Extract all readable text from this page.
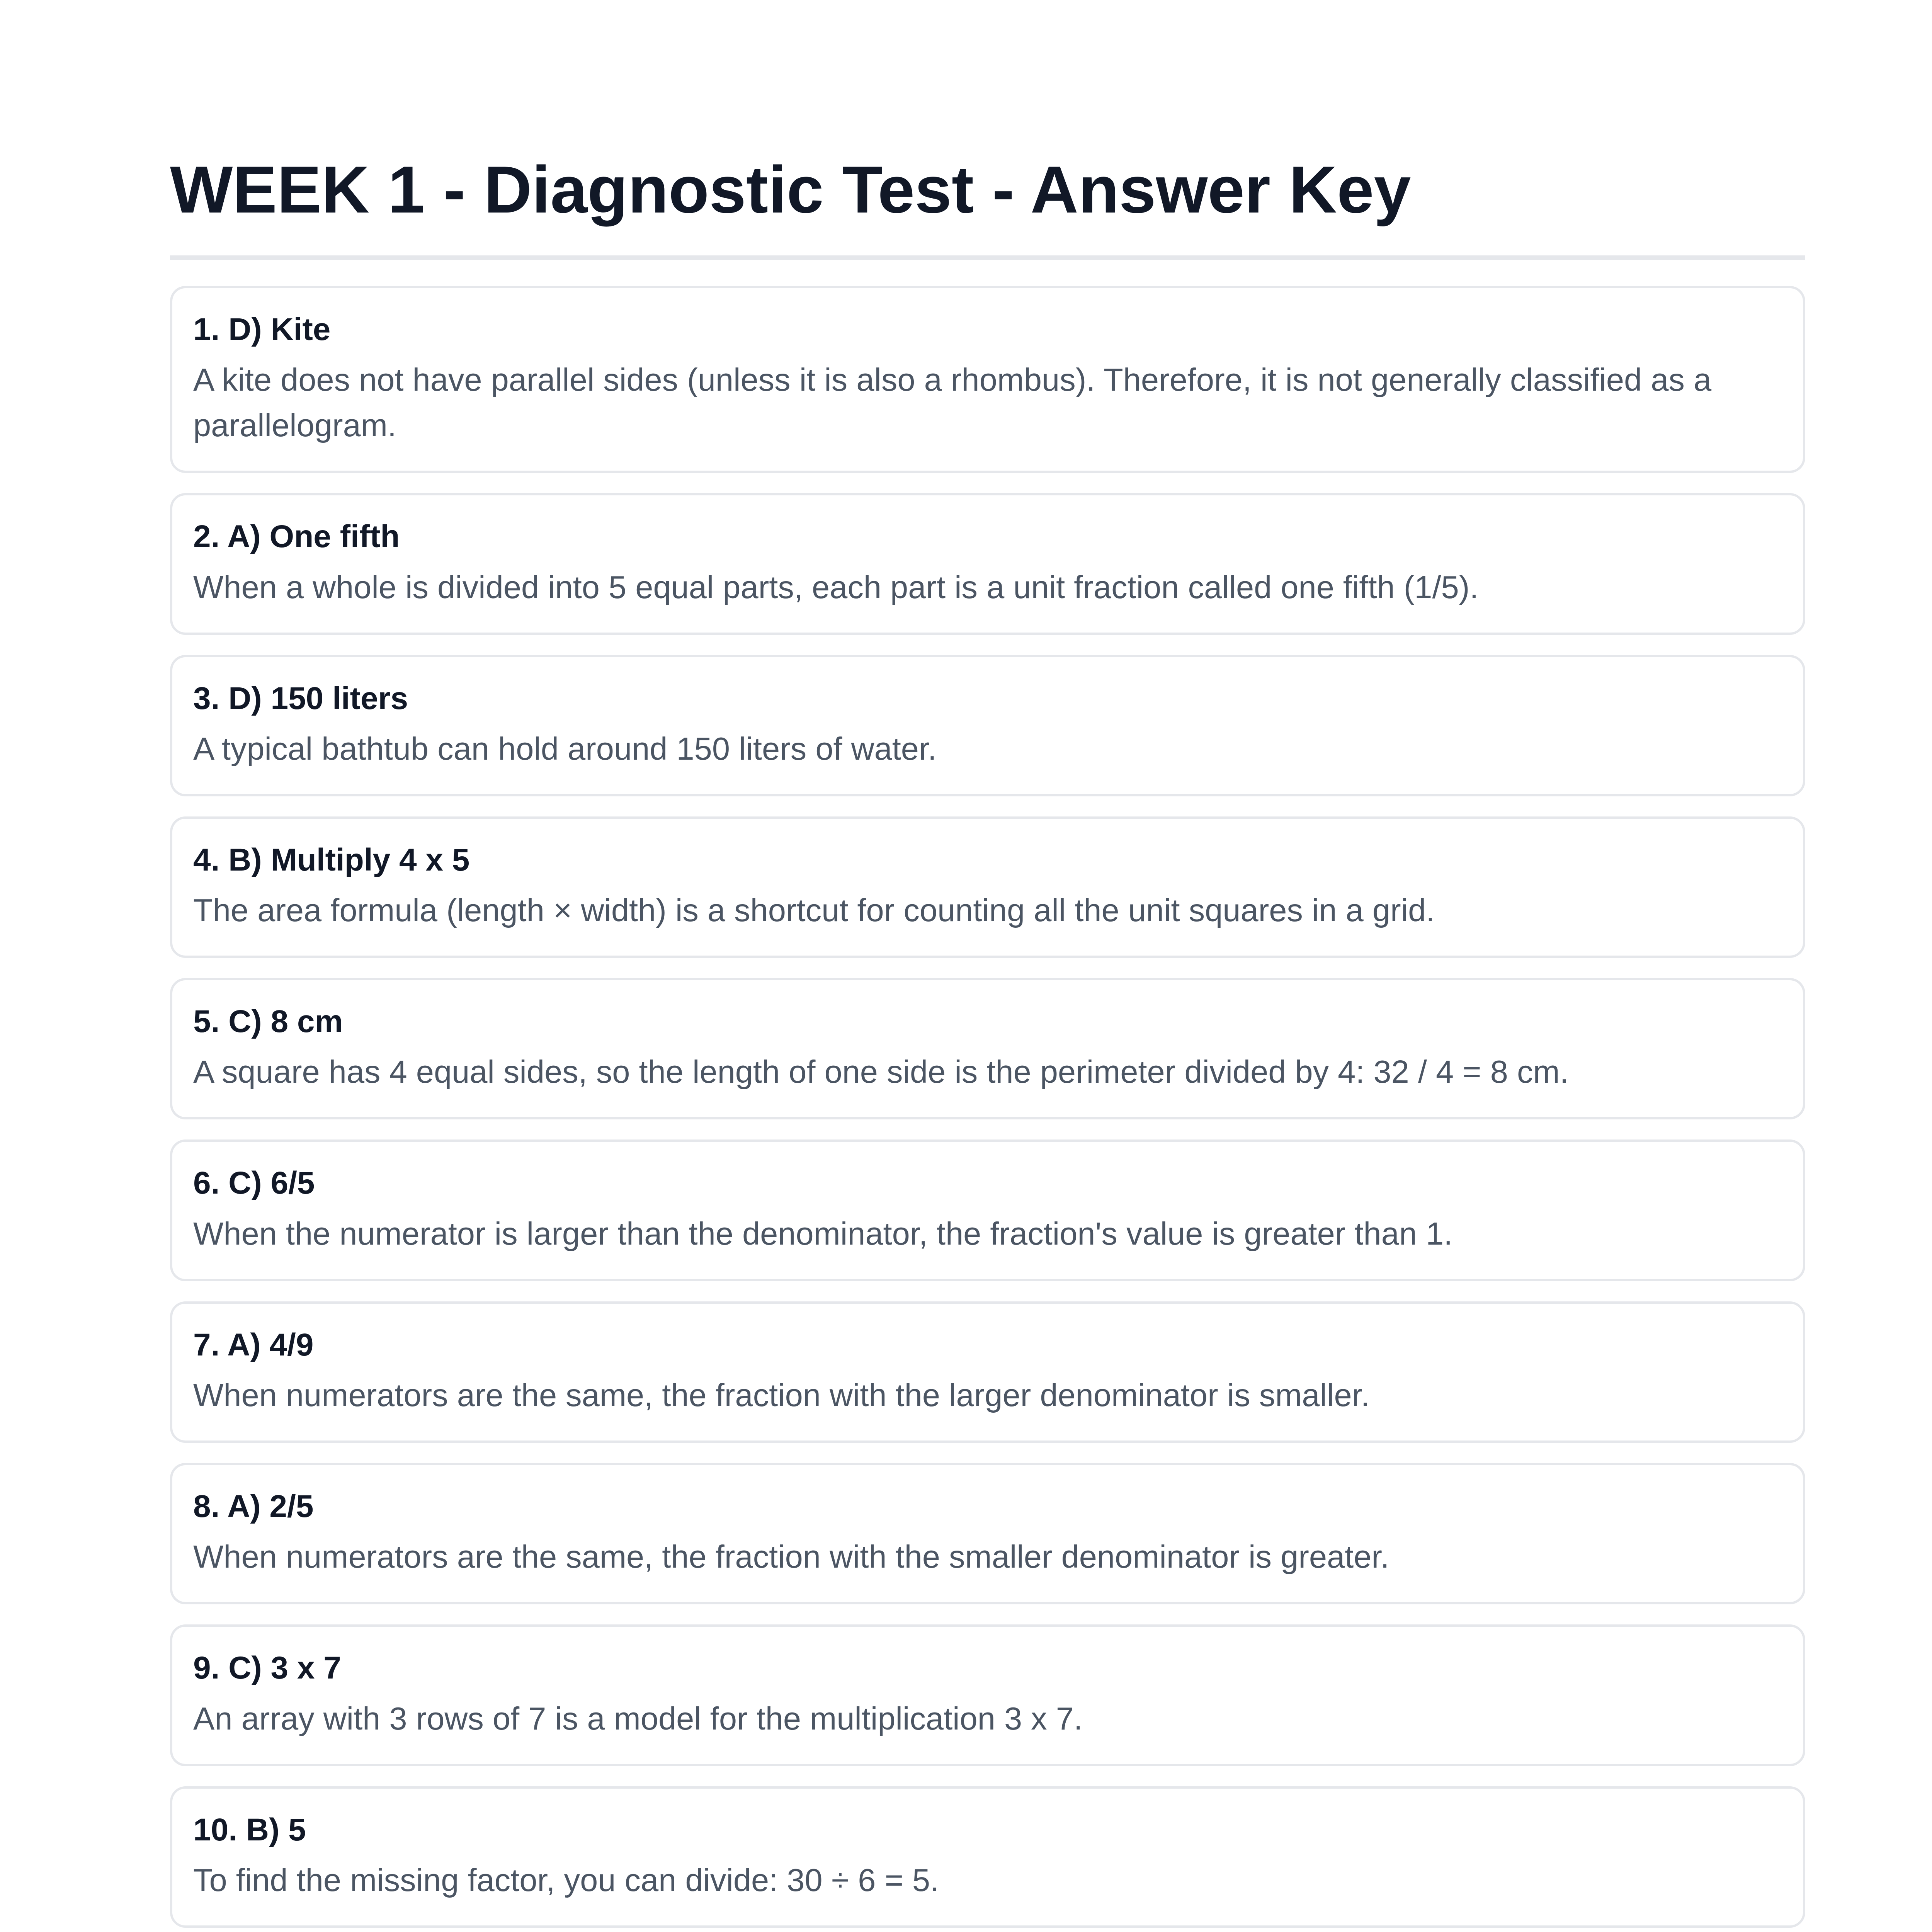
WEEK 1 - Diagnostic Test - Answer Key
1. D) Kite
A kite does not have parallel sides (unless it is also a rhombus). Therefore, it is not generally classified as a parallelogram.
2. A) One fifth
When a whole is divided into 5 equal parts, each part is a unit fraction called one fifth (1/5).
3. D) 150 liters
A typical bathtub can hold around 150 liters of water.
4. B) Multiply 4 x 5
The area formula (length × width) is a shortcut for counting all the unit squares in a grid.
5. C) 8 cm
A square has 4 equal sides, so the length of one side is the perimeter divided by 4: 32 / 4 = 8 cm.
6. C) 6/5
When the numerator is larger than the denominator, the fraction's value is greater than 1.
7. A) 4/9
When numerators are the same, the fraction with the larger denominator is smaller.
8. A) 2/5
When numerators are the same, the fraction with the smaller denominator is greater.
9. C) 3 x 7
An array with 3 rows of 7 is a model for the multiplication 3 x 7.
10. B) 5
To find the missing factor, you can divide: 30 ÷ 6 = 5.
